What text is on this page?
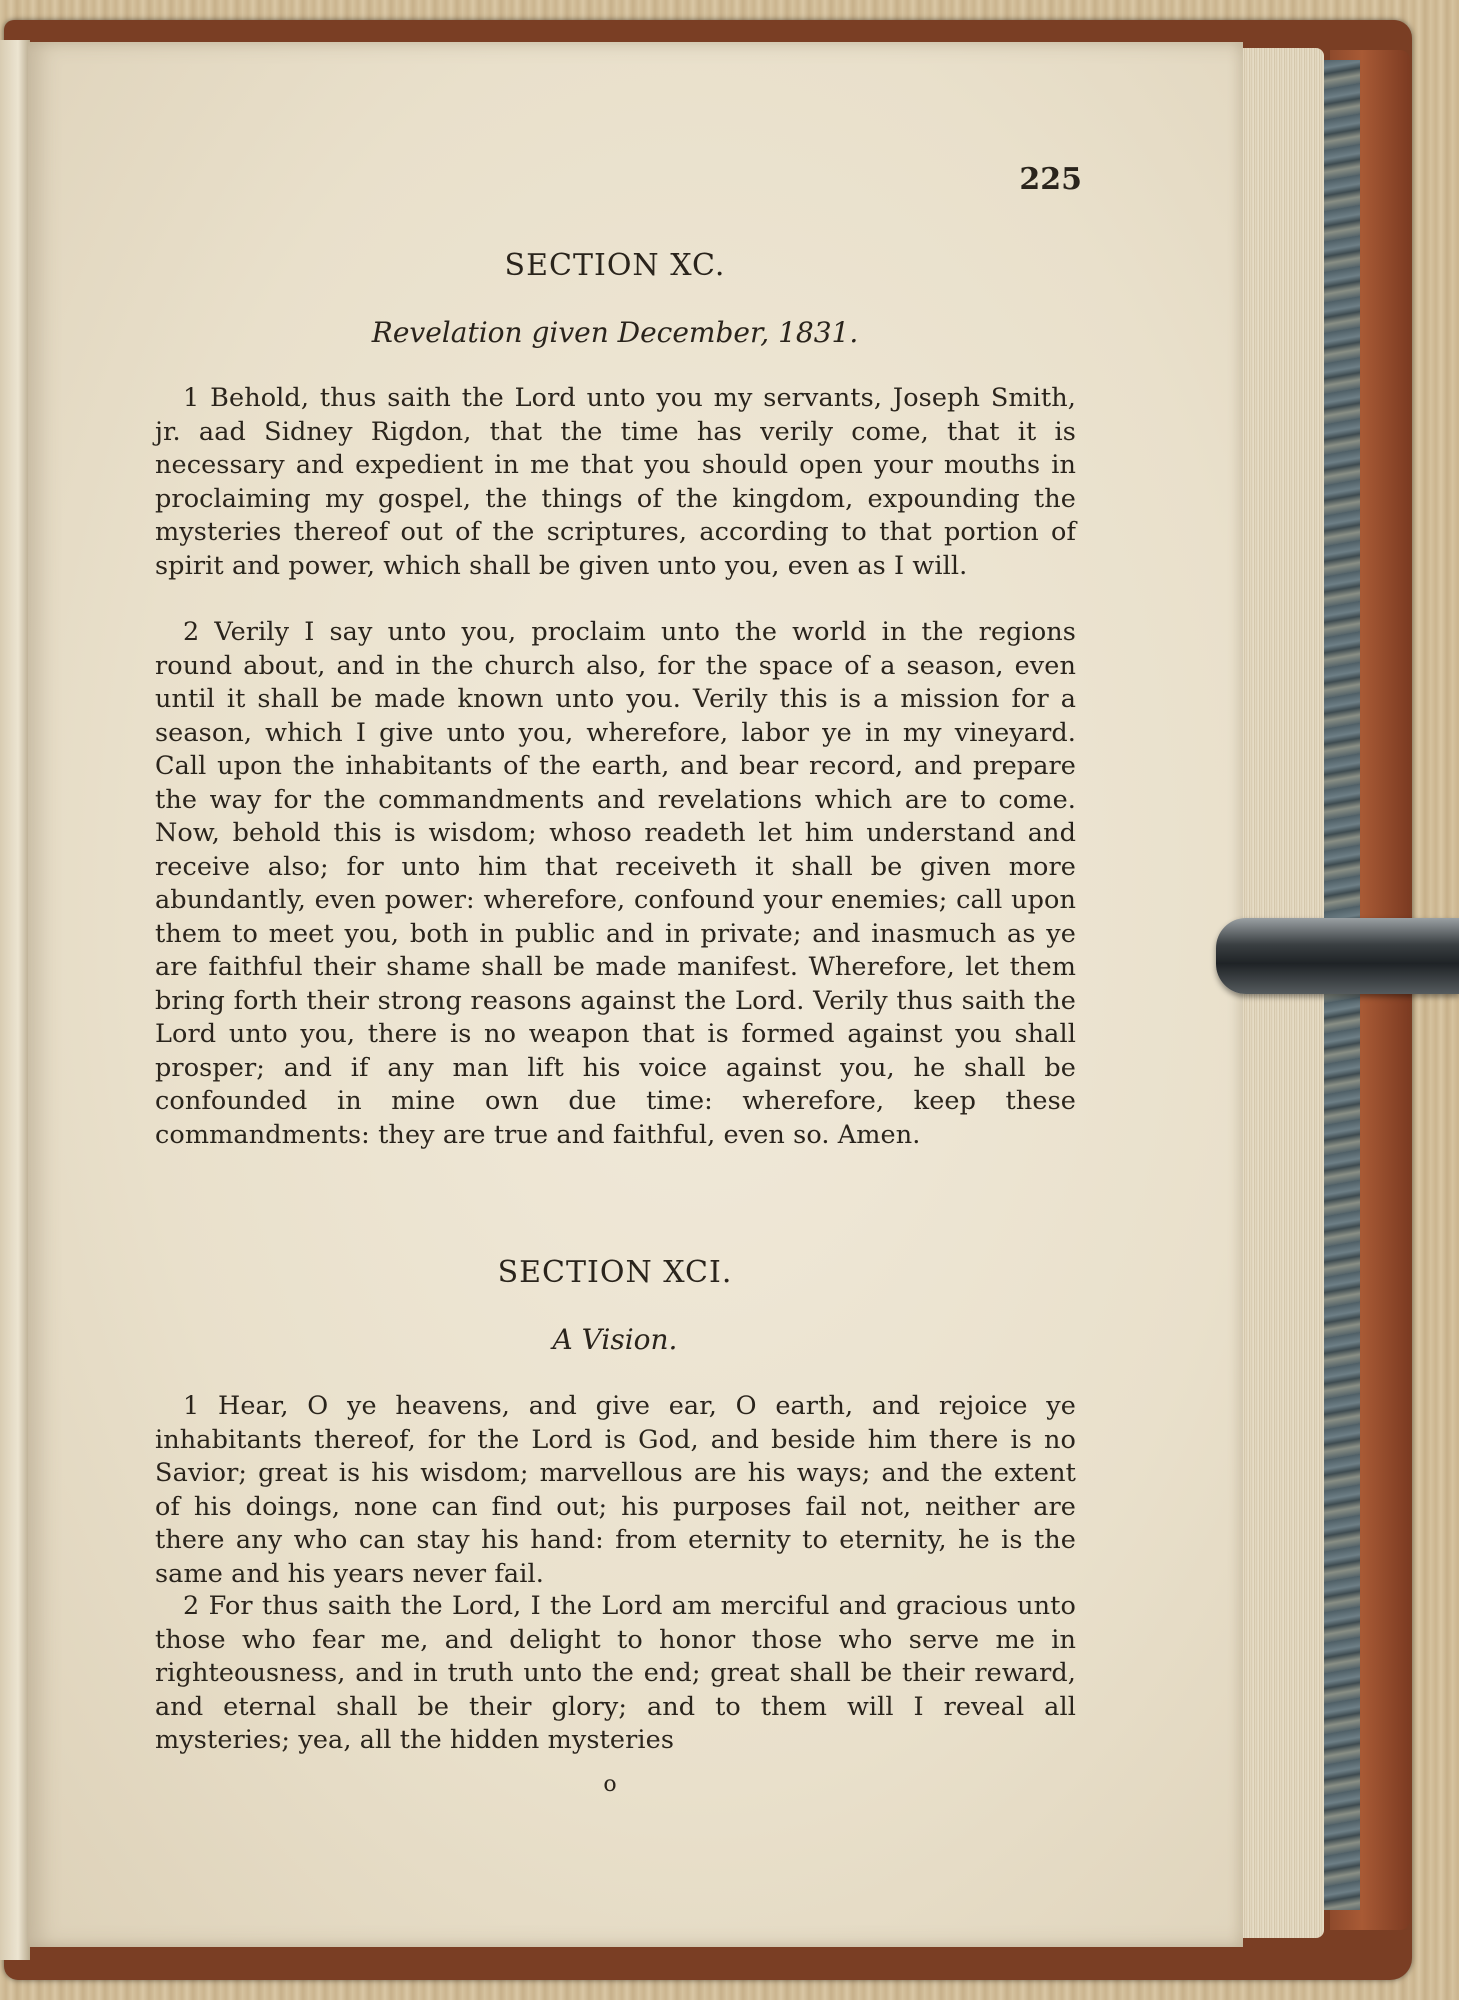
225
SECTION XC.
Revelation given December, 1831.
1 Behold, thus saith the Lord unto you my servants, Joseph Smith, jr. aad Sidney Rigdon, that the time has verily come, that it is necessary and expedient in me that you should open your mouths in proclaiming my gospel, the things of the kingdom, expounding the mysteries thereof out of the scriptures, according to that portion of spirit and power, which shall be given unto you, even as I will.
2 Verily I say unto you, proclaim unto the world in the regions round about, and in the church also, for the space of a season, even until it shall be made known unto you. Verily this is a mission for a season, which I give unto you, wherefore, labor ye in my vineyard. Call upon the inhabitants of the earth, and bear record, and prepare the way for the commandments and revelations which are to come. Now, behold this is wisdom; whoso readeth let him understand and receive also; for unto him that receiveth it shall be given more abundantly, even power: wherefore, confound your enemies; call upon them to meet you, both in public and in private; and inasmuch as ye are faithful their shame shall be made manifest. Wherefore, let them bring forth their strong reasons against the Lord. Verily thus saith the Lord unto you, there is no weapon that is formed against you shall prosper; and if any man lift his voice against you, he shall be confounded in mine own due time: wherefore, keep these commandments: they are true and faithful, even so. Amen.
SECTION XCI.
A Vision.
1 Hear, O ye heavens, and give ear, O earth, and rejoice ye inhabitants thereof, for the Lord is God, and beside him there is no Savior; great is his wisdom; marvellous are his ways; and the extent of his doings, none can find out; his purposes fail not, neither are there any who can stay his hand: from eternity to eternity, he is the same and his years never fail.
2 For thus saith the Lord, I the Lord am merciful and gracious unto those who fear me, and delight to honor those who serve me in righteousness, and in truth unto the end; great shall be their reward, and eternal shall be their glory; and to them will I reveal all mysteries; yea, all the hidden mysteries
o
